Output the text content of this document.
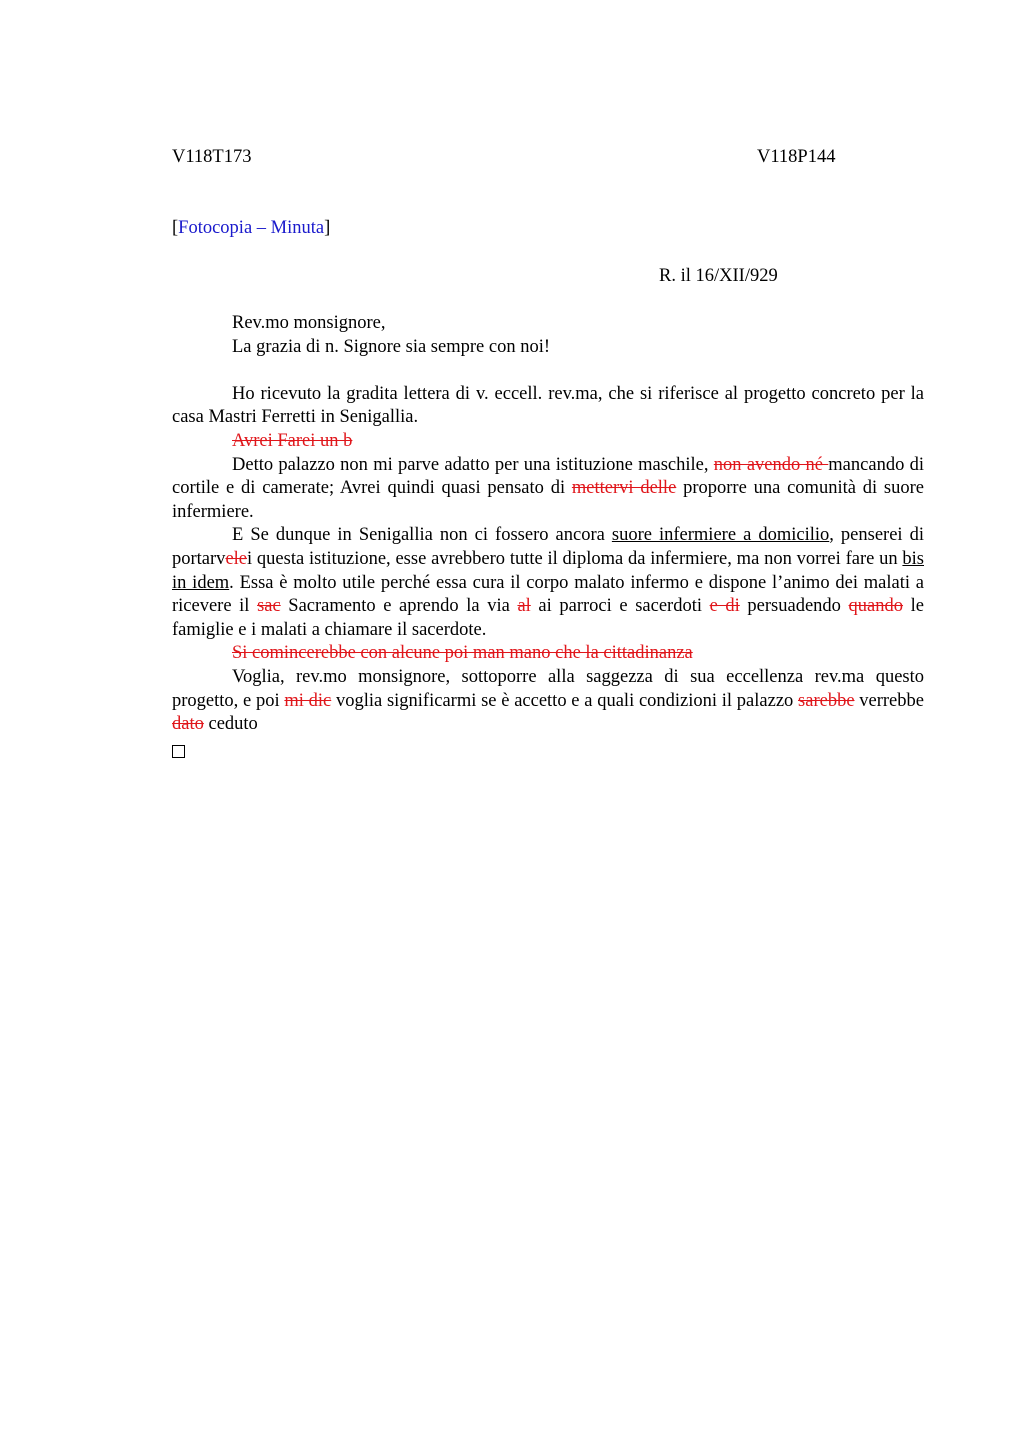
V118T173	V118P144
[Fotocopia – Minuta]
R. il 16/XII/929

Rev.mo monsignore,

La grazia di n. Signore sia sempre con noi!

Ho ricevuto la gradita lettera di v. eccell. rev.ma, che si riferisce al progetto concreto per la casa Mastri Ferretti in Senigallia.

Avrei Farei un b

Detto palazzo non mi parve adatto per una istituzione maschile, non avendo né mancando di cortile e di camerate; Avrei quindi quasi pensato di mettervi delle proporre una comunità di suore infermiere.

E Se dunque in Senigallia non ci fossero ancora suore infermiere a domicilio, penserei di portarvelei questa istituzione, esse avrebbero tutte il diploma da infermiere, ma non vorrei fare un bis in idem. Essa è molto utile perché essa cura il corpo malato infermo e dispone l’animo dei malati a ricevere il sac Sacramento e aprendo la via al ai parroci e sacerdoti e di persuadendo quando le famiglie e i malati a chiamare il sacerdote.

Si comincerebbe con alcune poi man mano che la cittadinanza

Voglia, rev.mo monsignore, sottoporre alla saggezza di sua eccellenza rev.ma questo progetto, e poi mi dic voglia significarmi se è accetto e a quali condizioni il palazzo sarebbe verrebbe dato ceduto
